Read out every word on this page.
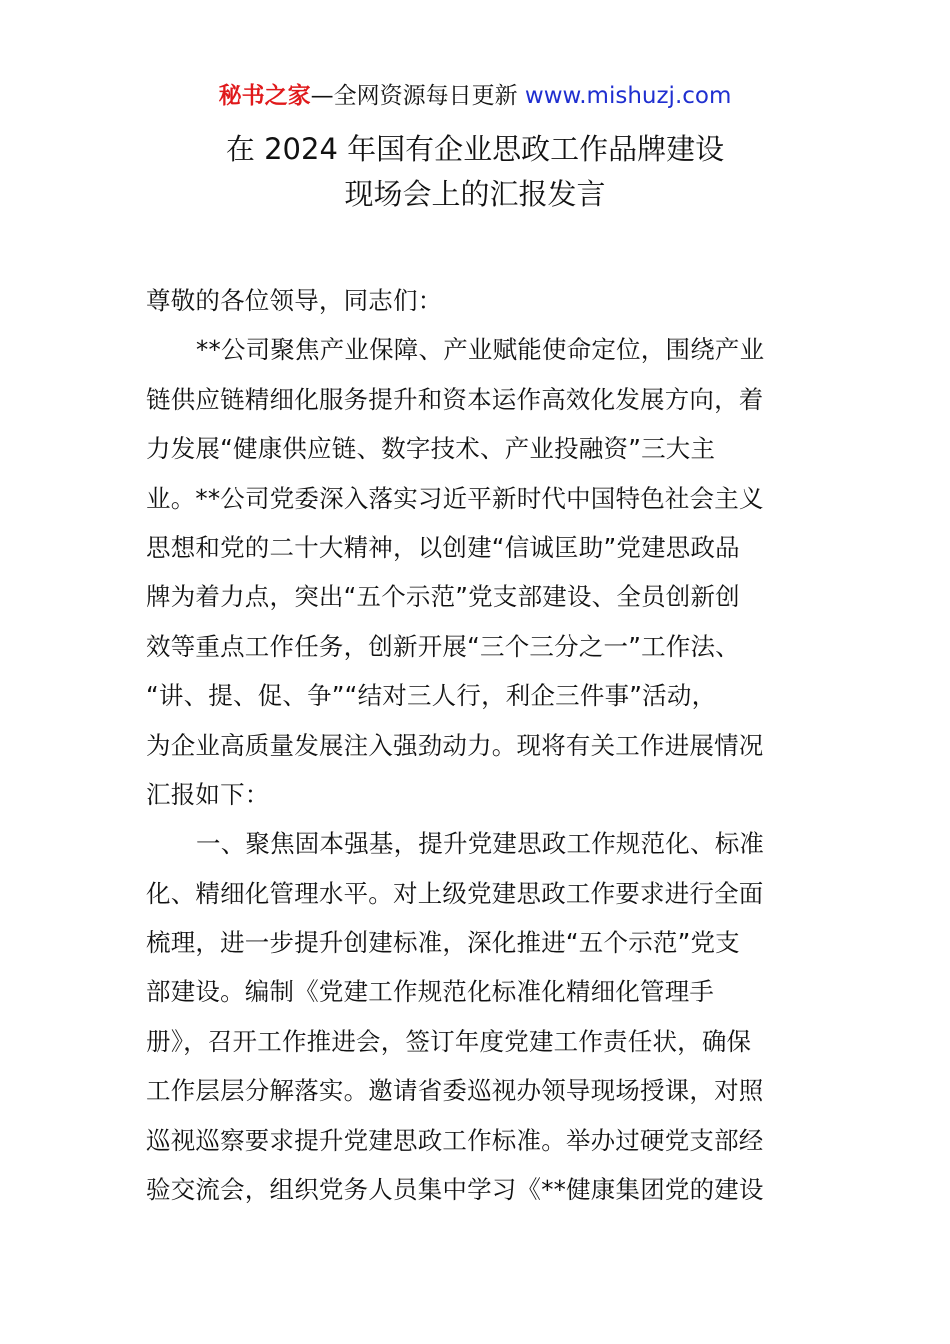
秘书之家—全网资源每日更新 www.mishuzj.com
在 2024 年国有企业思政工作品牌建设
现场会上的汇报发言
尊敬的各位领导，同志们：
**公司聚焦产业保障、产业赋能使命定位，围绕产业
链供应链精细化服务提升和资本运作高效化发展方向，着
力发展“健康供应链、数字技术、产业投融资”三大主
业。**公司党委深入落实习近平新时代中国特色社会主义
思想和党的二十大精神，以创建“信诚匡助”党建思政品
牌为着力点，突出“五个示范”党支部建设、全员创新创
效等重点工作任务，创新开展“三个三分之一”工作法、
“讲、提、促、争”“结对三人行，利企三件事”活动，
为企业高质量发展注入强劲动力。现将有关工作进展情况
汇报如下：
一、聚焦固本强基，提升党建思政工作规范化、标准
化、精细化管理水平。对上级党建思政工作要求进行全面
梳理，进一步提升创建标准，深化推进“五个示范”党支
部建设。编制《党建工作规范化标准化精细化管理手
册》，召开工作推进会，签订年度党建工作责任状，确保
工作层层分解落实。邀请省委巡视办领导现场授课，对照
巡视巡察要求提升党建思政工作标准。举办过硬党支部经
验交流会，组织党务人员集中学习《**健康集团党的建设
